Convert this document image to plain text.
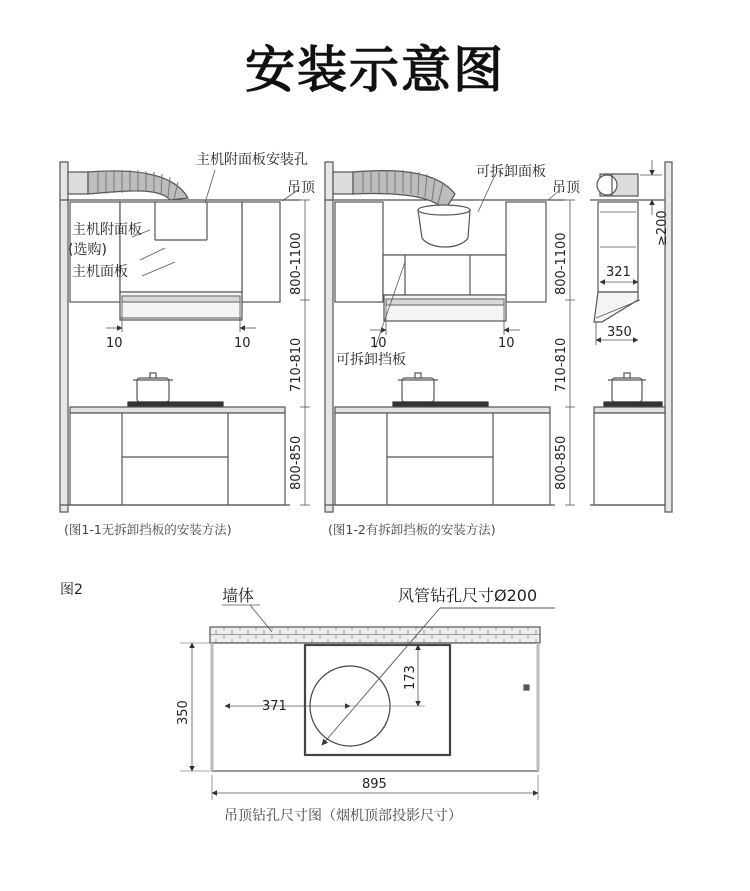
安装示意图
主机附面板安装孔
吊顶
主机附面板
(选购)
主机面板
10	10
800-1100
710-810
800-850
(图1-1无拆卸挡板的安装方法)
可拆卸面板
吊顶
可拆卸挡板
10	10
800-1100
710-810
800-850
(图1-2有拆卸挡板的安装方法)
≥200
321
350
图2	墙体	风管钻孔尺寸Ø200
371
173
350
895
吊顶钻孔尺寸图（烟机顶部投影尺寸）
